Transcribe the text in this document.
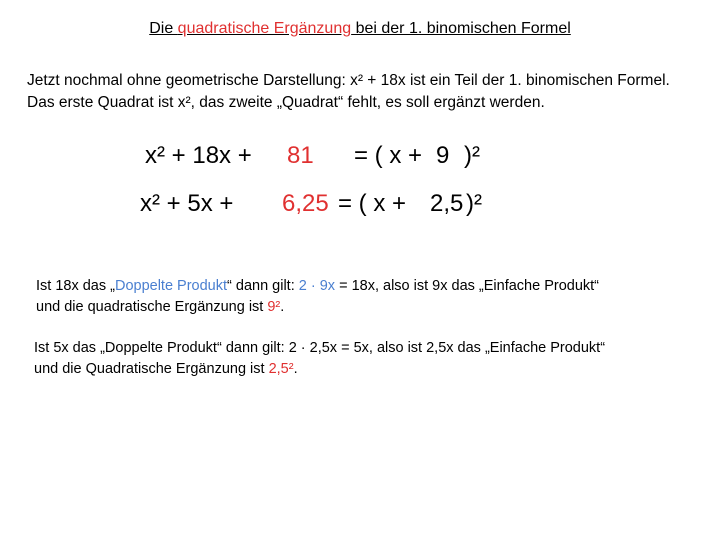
Die quadratische Ergänzung bei der 1. binomischen Formel
Jetzt nochmal ohne geometrische Darstellung: x² + 18x ist ein Teil der 1. binomischen Formel.
Das erste Quadrat ist x², das zweite „Quadrat“ fehlt, es soll ergänzt werden.
x² + 18x + 81 = ( x + 9 )²
x² + 5x + 6,25 = ( x + 2,5 )²
Ist 18x das „Doppelte Produkt“ dann gilt: 2 · 9x = 18x, also ist 9x das „Einfache Produkt“
und die quadratische Ergänzung ist 9².
Ist 5x das „Doppelte Produkt“ dann gilt: 2 · 2,5x = 5x, also ist 2,5x das „Einfache Produkt“
und die Quadratische Ergänzung ist 2,5².
